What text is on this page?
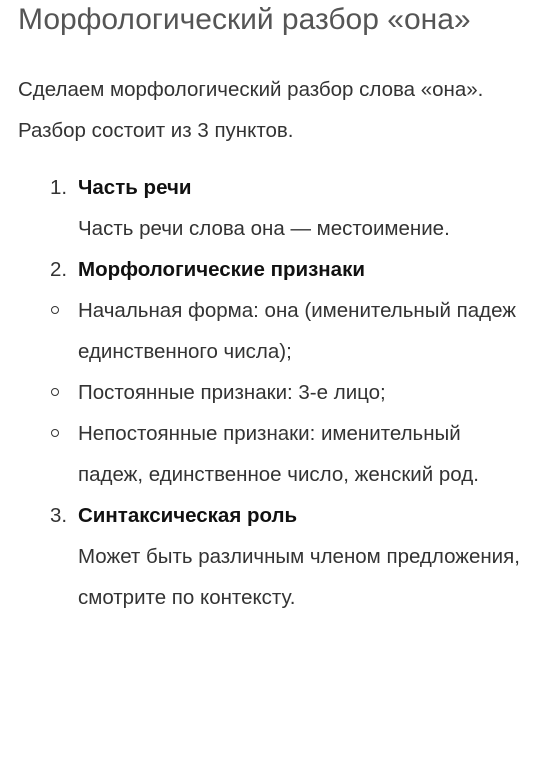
Морфологический разбор «она»

Сделаем морфологический разбор слова «она». Разбор состоит из 3 пунктов.

1. Часть речи
Часть речи слова она — местоимение.
2. Морфологические признаки
Начальная форма: она (именительный падеж единственного числа);
Постоянные признаки: 3-е лицо;
Непостоянные признаки: именительный падеж, единственное число, женский род.
3. Синтаксическая роль
Может быть различным членом предложения, смотрите по контексту.
